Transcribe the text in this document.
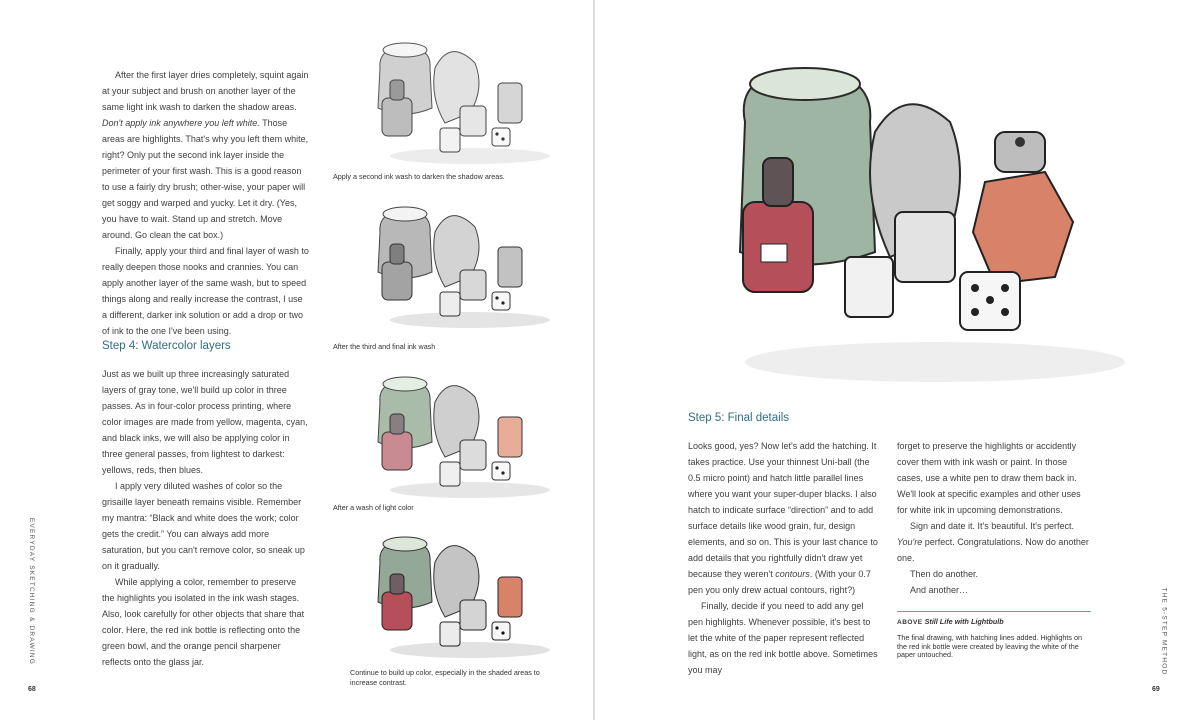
After the first layer dries completely, squint again at your subject and brush on another layer of the same light ink wash to darken the shadow areas. Don't apply ink anywhere you left white. Those areas are highlights. That's why you left them white, right? Only put the second ink layer inside the perimeter of your first wash. This is a good reason to use a fairly dry brush; other-wise, your paper will get soggy and warped and yucky. Let it dry. (Yes, you have to wait. Stand up and stretch. Move around. Go clean the cat box.)

Finally, apply your third and final layer of wash to really deepen those nooks and crannies. You can apply another layer of the same wash, but to speed things along and really increase the contrast, I use a different, darker ink solution or add a drop or two of ink to the one I've been using.

Step 4: Watercolor layers

Just as we built up three increasingly saturated layers of gray tone, we'll build up color in three passes. As in four-color process printing, where color images are made from yellow, magenta, cyan, and black inks, we will also be applying color in three general passes, from lightest to darkest: yellows, reds, then blues.

I apply very diluted washes of color so the grisaille layer beneath remains visible. Remember my mantra: “Black and white does the work; color gets the credit.” You can always add more saturation, but you can't remove color, so sneak up on it gradually.

While applying a color, remember to preserve the highlights you isolated in the ink wash stages. Also, look carefully for other objects that share that color. Here, the red ink bottle is reflecting onto the green bowl, and the orange pencil sharpener reflects onto the glass jar.

Apply a second ink wash to darken the shadow areas.
After the third and final ink wash
After a wash of light color
Continue to build up color, especially in the shaded areas to increase contrast.
EVERYDAY SKETCHING & DRAWING
68
Step 5: Final details

Looks good, yes? Now let's add the hatching. It takes practice. Use your thinnest Uni-ball (the 0.5 micro point) and hatch little parallel lines where you want your super-duper blacks. I also hatch to indicate surface “direction” and to add surface details like wood grain, fur, design elements, and so on. This is your last chance to add details that you rightfully didn't draw yet because they weren't contours. (With your 0.7 pen you only drew actual contours, right?)

Finally, decide if you need to add any gel pen highlights. Whenever possible, it's best to let the white of the paper represent reflected light, as on the red ink bottle above. Sometimes you may

forget to preserve the highlights or accidently cover them with ink wash or paint. In those cases, use a white pen to draw them back in. We'll look at specific examples and other uses for white ink in upcoming demonstrations.

Sign and date it. It's beautiful. It's perfect. You're perfect. Congratulations. Now do another one.

Then do another.

And another…

ABOVE Still Life with Lightbulb
The final drawing, with hatching lines added. Highlights on the red ink bottle were created by leaving the white of the paper untouched.	THE 5-STEP METHOD
69
